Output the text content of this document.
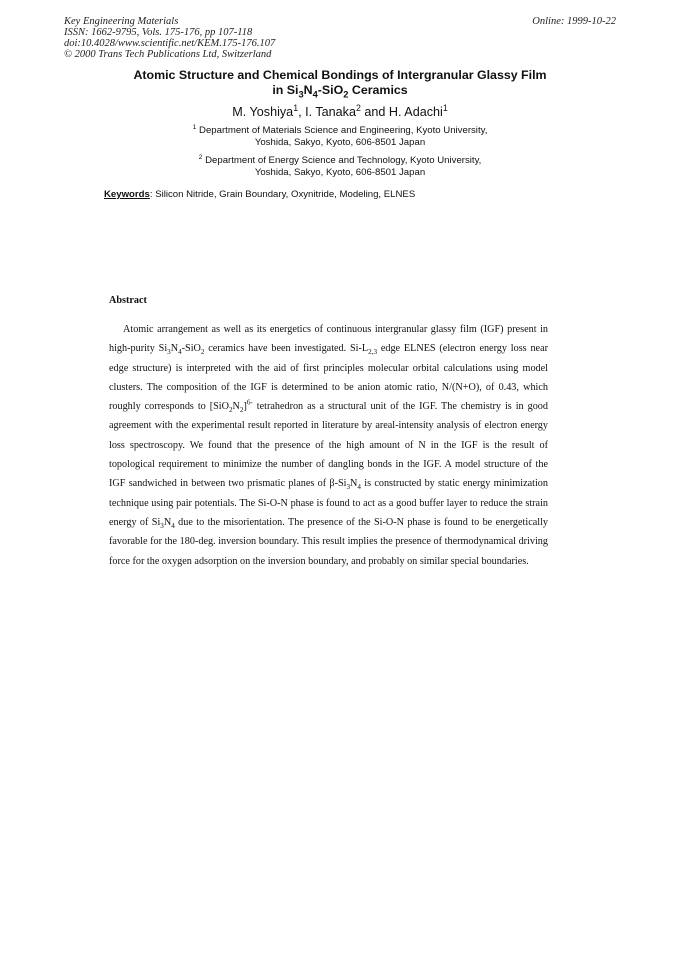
Key Engineering Materials
ISSN: 1662-9795, Vols. 175-176, pp 107-118
doi:10.4028/www.scientific.net/KEM.175-176.107
© 2000 Trans Tech Publications Ltd, Switzerland
Online: 1999-10-22
Atomic Structure and Chemical Bondings of Intergranular Glassy Film
in $Si_3N_4-SiO_2$ Ceramics
M. Yoshiya$^1$, I. Tanaka$^2$ and H. Adachi$^1$
$^1$ Department of Materials Science and Engineering, Kyoto University,
Yoshida, Sakyo, Kyoto, 606-8501 Japan
$^2$ Department of Energy Science and Technology, Kyoto University,
Yoshida, Sakyo, Kyoto, 606-8501 Japan
Keywords: Silicon Nitride, Grain Boundary, Oxynitride, Modeling, ELNES
Abstract

Atomic arrangement as well as its energetics of continuous intergranular glassy film (IGF) present in high-purity $Si_3N_4-SiO_2$ ceramics have been investigated. $Si-L_{2,3}$ edge ELNES (electron energy loss near edge structure) is interpreted with the aid of first principles molecular orbital calculations using model clusters. The composition of the IGF is determined to be anion atomic ratio, N/(N+O), of 0.43, which roughly corresponds to $[SiO_2N_2]^{6-}$ tetrahedron as a structural unit of the IGF. The chemistry is in good agreement with the experimental result reported in literature by areal-intensity analysis of electron energy loss spectroscopy. We found that the presence of the high amount of N in the IGF is the result of topological requirement to minimize the number of dangling bonds in the IGF. A model structure of the IGF sandwiched in between two prismatic planes of $\beta-Si_3N_4$ is constructed by static energy minimization technique using pair potentials. The Si-O-N phase is found to act as a good buffer layer to reduce the strain energy of $Si_3N_4$ due to the misorientation. The presence of the Si-O-N phase is found to be energetically favorable for the 180-deg. inversion boundary. This result implies the presence of thermodynamical driving force for the oxygen adsorption on the inversion boundary, and probably on similar special boundaries.
